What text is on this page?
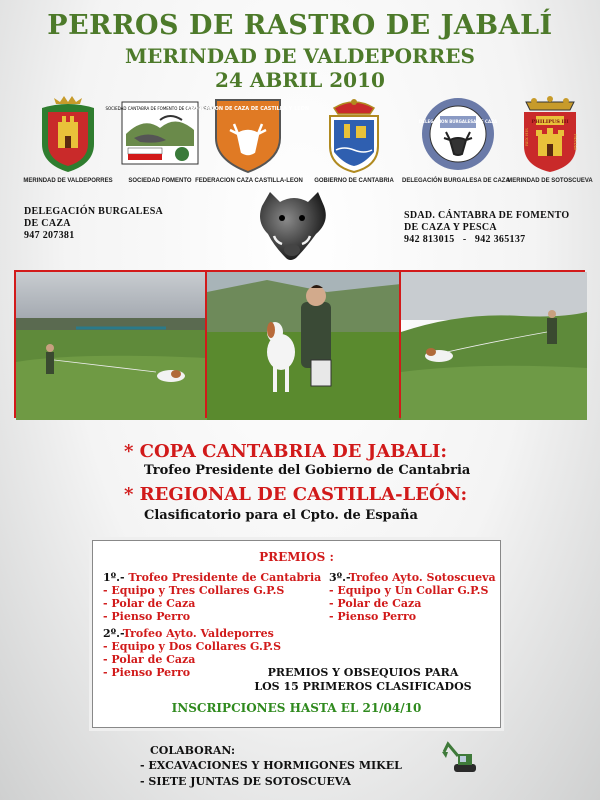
PERROS DE RASTRO DE JABALÍ
MERINDAD DE VALDEPORRES
24 ABRIL 2010
MERINDAD DE VALDEPORRES
SOCIEDAD CANTABRA DE FOMENTO DE CAZA Y PESCA
SOCIEDAD FOMENTO
FEDERACION DE CAZA DE CASTILLA Y LEON
FEDERACION CAZA CASTILLA-LEON	GOBIERNO DE CANTABRIA
DELEGACION BURGALESA DE CAZA
DELEGACIÓN BURGALESA DE CAZA
PHILIPUS III
REX HIS	PANIAE
MERINDAD DE SOTOSCUEVA
DELEGACIÓN BURGALESA
DE CAZA
947 207381
SDAD. CÁNTABRA DE FOMENTO
DE CAZA Y PESCA
942 813015   -   942 365137
* COPA CANTABRIA DE JABALI:
Trofeo Presidente del Gobierno de Cantabria
* REGIONAL DE CASTILLA-LEÓN:
Clasificatorio para el Cpto. de España
PREMIOS :
1º.- Trofeo Presidente de Cantabria
- Equipo y Tres Collares G.P.S
- Polar de Caza
- Pienso Perro
2º.-Trofeo Ayto. Valdeporres
- Equipo y Dos Collares G.P.S
- Polar de Caza
- Pienso Perro
3º.-Trofeo Ayto. Sotoscueva
- Equipo y Un Collar G.P.S
- Polar de Caza
- Pienso Perro
PREMIOS Y OBSEQUIOS PARA
LOS 15 PRIMEROS CLASIFICADOS
INSCRIPCIONES HASTA EL 21/04/10
COLABORAN:
- EXCAVACIONES Y HORMIGONES MIKEL
- SIETE JUNTAS DE SOTOSCUEVA
